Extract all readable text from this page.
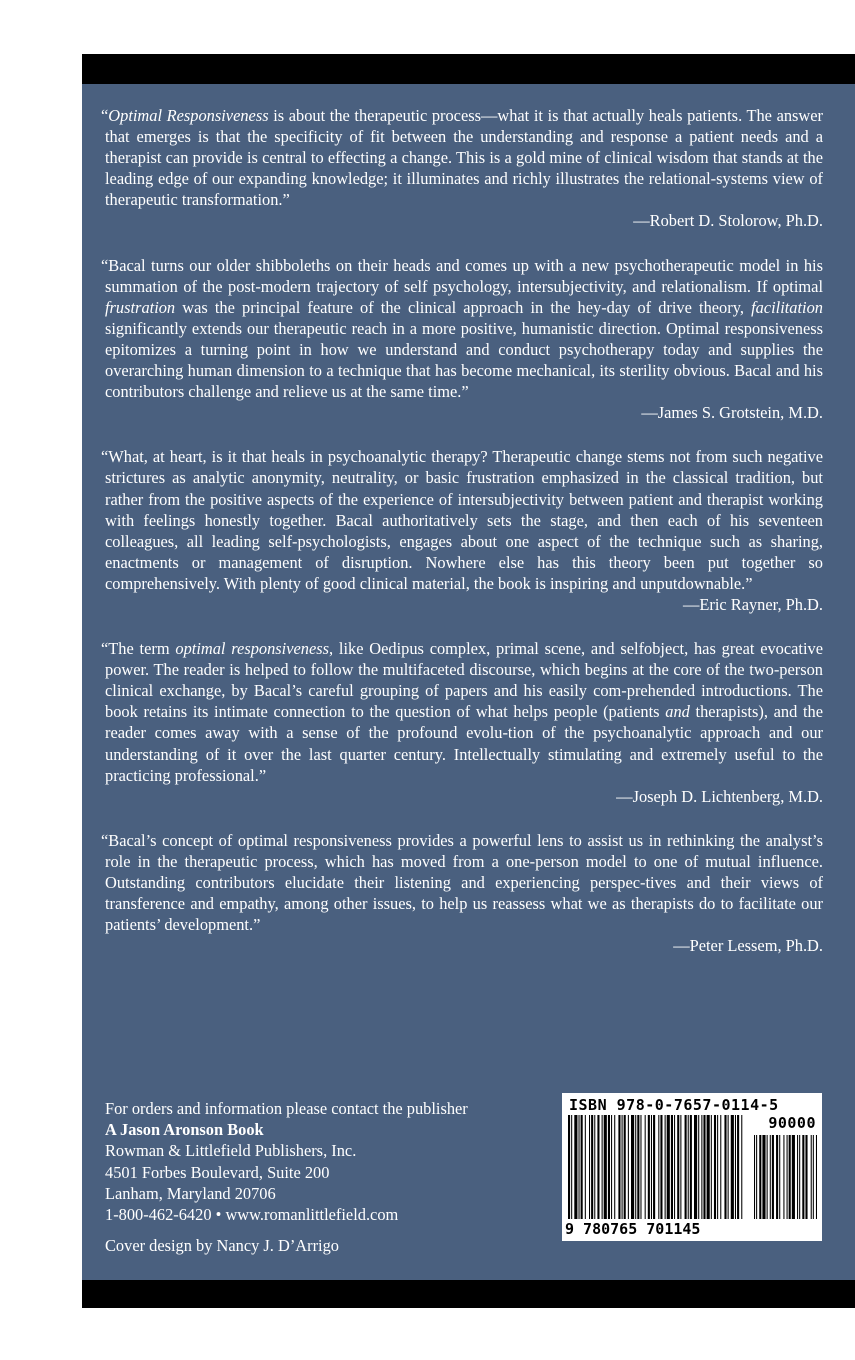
“Optimal Responsiveness is about the therapeutic process—what it is that actually heals patients. The answer that emerges is that the specificity of fit between the understanding and response a patient needs and a therapist can provide is central to effecting a change. This is a gold mine of clinical wisdom that stands at the leading edge of our expanding knowledge; it illuminates and richly illustrates the relational-systems view of therapeutic transformation.”

—Robert D. Stolorow, Ph.D.

“Bacal turns our older shibboleths on their heads and comes up with a new psychotherapeutic model in his summation of the post-modern trajectory of self psychology, intersubjectivity, and relationalism. If optimal frustration was the principal feature of the clinical approach in the hey-day of drive theory, facilitation significantly extends our therapeutic reach in a more positive, humanistic direction. Optimal responsiveness epitomizes a turning point in how we understand and conduct psychotherapy today and supplies the overarching human dimension to a technique that has become mechanical, its sterility obvious. Bacal and his contributors challenge and relieve us at the same time.”

—James S. Grotstein, M.D.

“What, at heart, is it that heals in psychoanalytic therapy? Therapeutic change stems not from such negative strictures as analytic anonymity, neutrality, or basic frustration emphasized in the classical tradition, but rather from the positive aspects of the experience of intersubjectivity between patient and therapist working with feelings honestly together. Bacal authoritatively sets the stage, and then each of his seventeen colleagues, all leading self-psychologists, engages about one aspect of the technique such as sharing, enactments or management of disruption. Nowhere else has this theory been put together so comprehensively. With plenty of good clinical material, the book is inspiring and unputdownable.”

—Eric Rayner, Ph.D.

“The term optimal responsiveness, like Oedipus complex, primal scene, and selfobject, has great evocative power. The reader is helped to follow the multifaceted discourse, which begins at the core of the two-person clinical exchange, by Bacal’s careful grouping of papers and his easily com-prehended introductions. The book retains its intimate connection to the question of what helps people (patients and therapists), and the reader comes away with a sense of the profound evolu-tion of the psychoanalytic approach and our understanding of it over the last quarter century. Intellectually stimulating and extremely useful to the practicing professional.”

—Joseph D. Lichtenberg, M.D.

“Bacal’s concept of optimal responsiveness provides a powerful lens to assist us in rethinking the analyst’s role in the therapeutic process, which has moved from a one-person model to one of mutual influence. Outstanding contributors elucidate their listening and experiencing perspec-tives and their views of transference and empathy, among other issues, to help us reassess what we as therapists do to facilitate our patients’ development.”

—Peter Lessem, Ph.D.
For orders and information please contact the publisher
A Jason Aronson Book
Rowman & Littlefield Publishers, Inc.
4501 Forbes Boulevard, Suite 200
Lanham, Maryland 20706
1-800-462-6420 • www.romanlittlefield.com
Cover design by Nancy J. D’Arrigo
ISBN 978-0-7657-0114-5
90000
9 780765 701145
